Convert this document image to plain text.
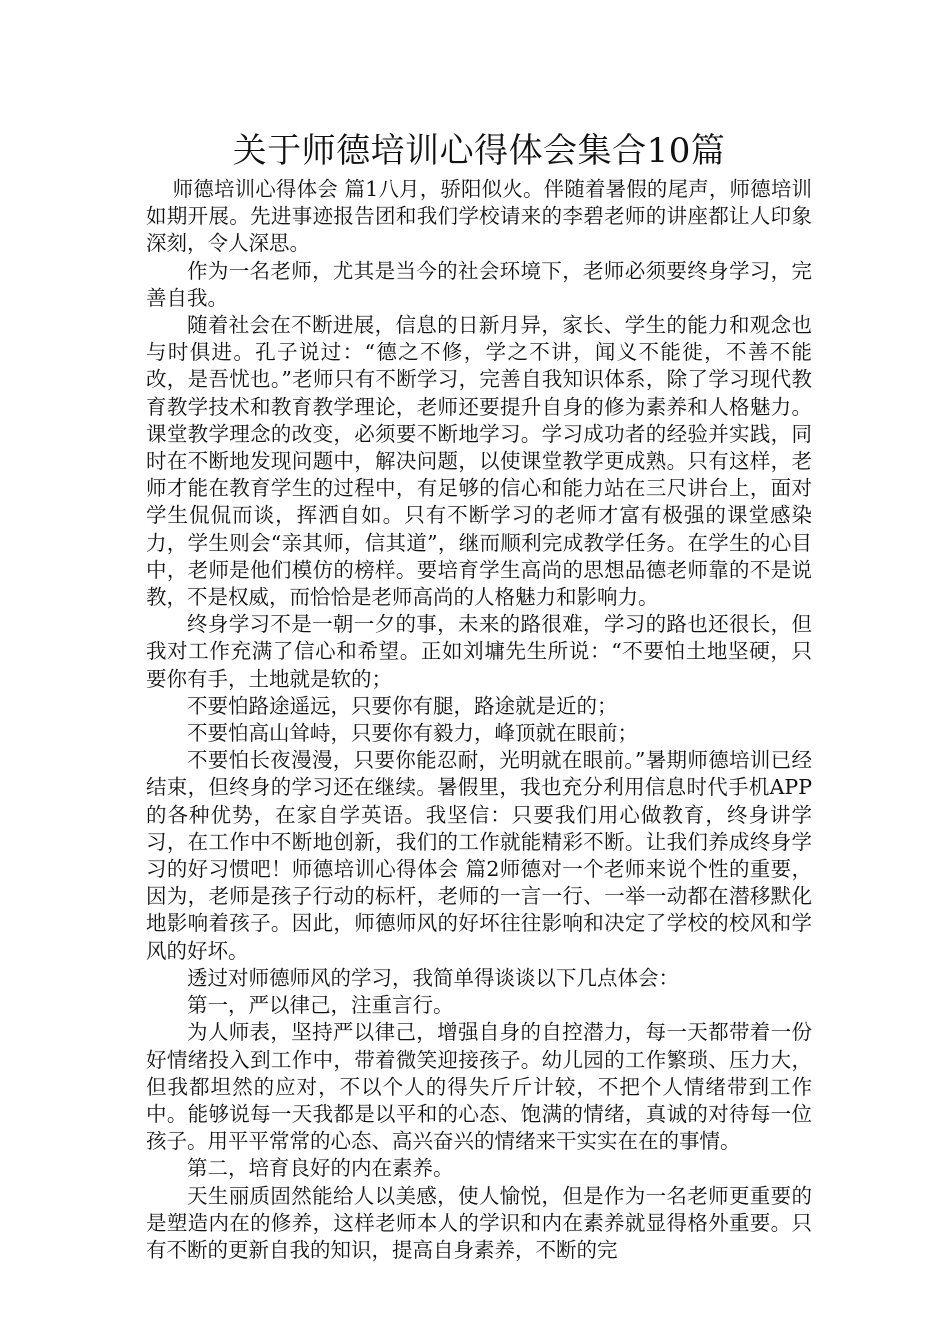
关于师德培训心得体会集合10篇

师德培训心得体会 篇1八月，骄阳似火。伴随着暑假的尾声，师德培训如期开展。先进事迹报告团和我们学校请来的李碧老师的讲座都让人印象深刻，令人深思。

作为一名老师，尤其是当今的社会环境下，老师必须要终身学习，完善自我。

随着社会在不断进展，信息的日新月异，家长、学生的能力和观念也与时俱进。孔子说过：“德之不修，学之不讲，闻义不能徙，不善不能改，是吾忧也。”老师只有不断学习，完善自我知识体系，除了学习现代教育教学技术和教育教学理论，老师还要提升自身的修为素养和人格魅力。课堂教学理念的改变，必须要不断地学习。学习成功者的经验并实践，同时在不断地发现问题中，解决问题，以使课堂教学更成熟。只有这样，老师才能在教育学生的过程中，有足够的信心和能力站在三尺讲台上，面对学生侃侃而谈，挥洒自如。只有不断学习的老师才富有极强的课堂感染力，学生则会“亲其师，信其道”，继而顺利完成教学任务。在学生的心目中，老师是他们模仿的榜样。要培育学生高尚的思想品德老师靠的不是说教，不是权威，而恰恰是老师高尚的人格魅力和影响力。

终身学习不是一朝一夕的事，未来的路很难，学习的路也还很长，但我对工作充满了信心和希望。正如刘墉先生所说：“不要怕土地坚硬，只要你有手，土地就是软的；

不要怕路途遥远，只要你有腿，路途就是近的；

不要怕高山耸峙，只要你有毅力，峰顶就在眼前；

不要怕长夜漫漫，只要你能忍耐，光明就在眼前。”暑期师德培训已经结束，但终身的学习还在继续。暑假里，我也充分利用信息时代手机APP的各种优势，在家自学英语。我坚信：只要我们用心做教育，终身讲学习，在工作中不断地创新，我们的工作就能精彩不断。让我们养成终身学习的好习惯吧！师德培训心得体会 篇2师德对一个老师来说个性的重要，因为，老师是孩子行动的标杆，老师的一言一行、一举一动都在潜移默化地影响着孩子。因此，师德师风的好坏往往影响和决定了学校的校风和学风的好坏。

透过对师德师风的学习，我简单得谈谈以下几点体会：

第一，严以律己，注重言行。

为人师表，坚持严以律己，增强自身的自控潜力，每一天都带着一份好情绪投入到工作中，带着微笑迎接孩子。幼儿园的工作繁琐、压力大，但我都坦然的应对，不以个人的得失斤斤计较，不把个人情绪带到工作中。能够说每一天我都是以平和的心态、饱满的情绪，真诚的对待每一位孩子。用平平常常的心态、高兴奋兴的情绪来干实实在在的事情。

第二，培育良好的内在素养。

天生丽质固然能给人以美感，使人愉悦，但是作为一名老师更重要的是塑造内在的修养，这样老师本人的学识和内在素养就显得格外重要。只有不断的更新自我的知识，提高自身素养，不断的完
